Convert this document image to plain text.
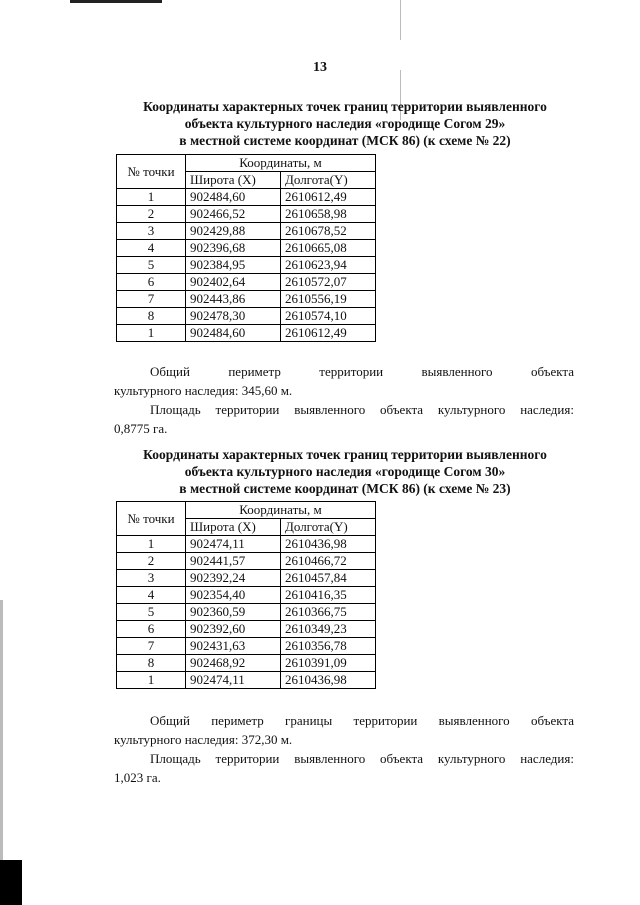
13
Координаты характерных точек границ территории выявленного
объекта культурного наследия «городище Согом 29»
в местной системе координат (МСК 86) (к схеме № 22)
№ точки	Координаты, м	
	Широта (X)	Долгота(Y)
1	902484,60	2610612,49
2	902466,52	2610658,98
3	902429,88	2610678,52
4	902396,68	2610665,08
5	902384,95	2610623,94
6	902402,64	2610572,07
7	902443,86	2610556,19
8	902478,30	2610574,10
1	902484,60	2610612,49
Общий	периметр	территории	выявленного	объекта
культурного наследия: 345,60 м.
Площадь территории выявленного объекта культурного наследия:
0,8775 га.
Координаты характерных точек границ территории выявленного
объекта культурного наследия «городище Согом 30»
в местной системе координат (МСК 86) (к схеме № 23)
№ точки	Координаты, м	
	Широта (X)	Долгота(Y)
1	902474,11	2610436,98
2	902441,57	2610466,72
3	902392,24	2610457,84
4	902354,40	2610416,35
5	902360,59	2610366,75
6	902392,60	2610349,23
7	902431,63	2610356,78
8	902468,92	2610391,09
1	902474,11	2610436,98
Общий периметр границы территории выявленного объекта
культурного наследия: 372,30 м.
Площадь территории выявленного объекта культурного наследия:
1,023 га.
